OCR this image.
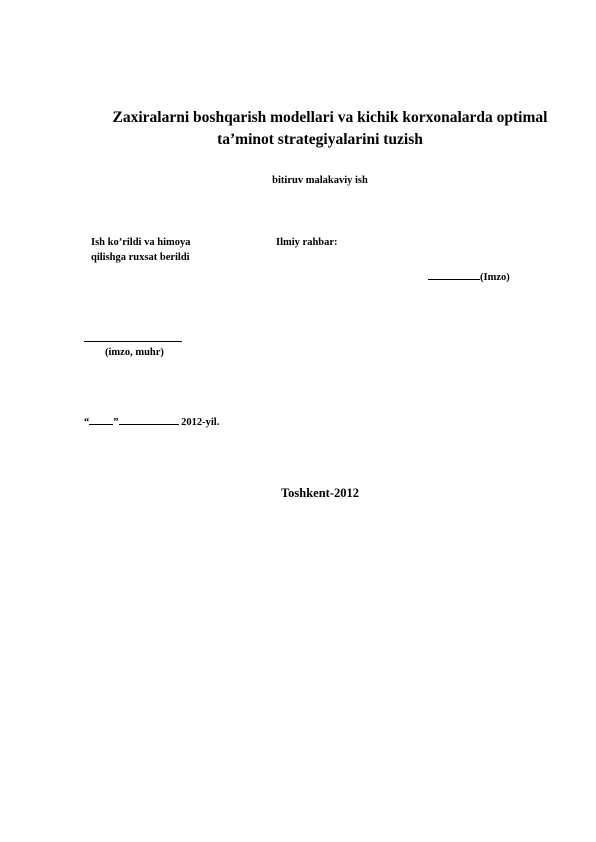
Zaxiralarni boshqarish modellari va kichik korxonalarda optimal
ta’minot strategiyalarini tuzish
bitiruv malakaviy ish
Ish ko’rildi va himoya
qilishga ruxsat berildi
Ilmiy rahbar:
(Imzo)
(imzo, muhr)
“ ”	2012-yil.
Toshkent-2012
